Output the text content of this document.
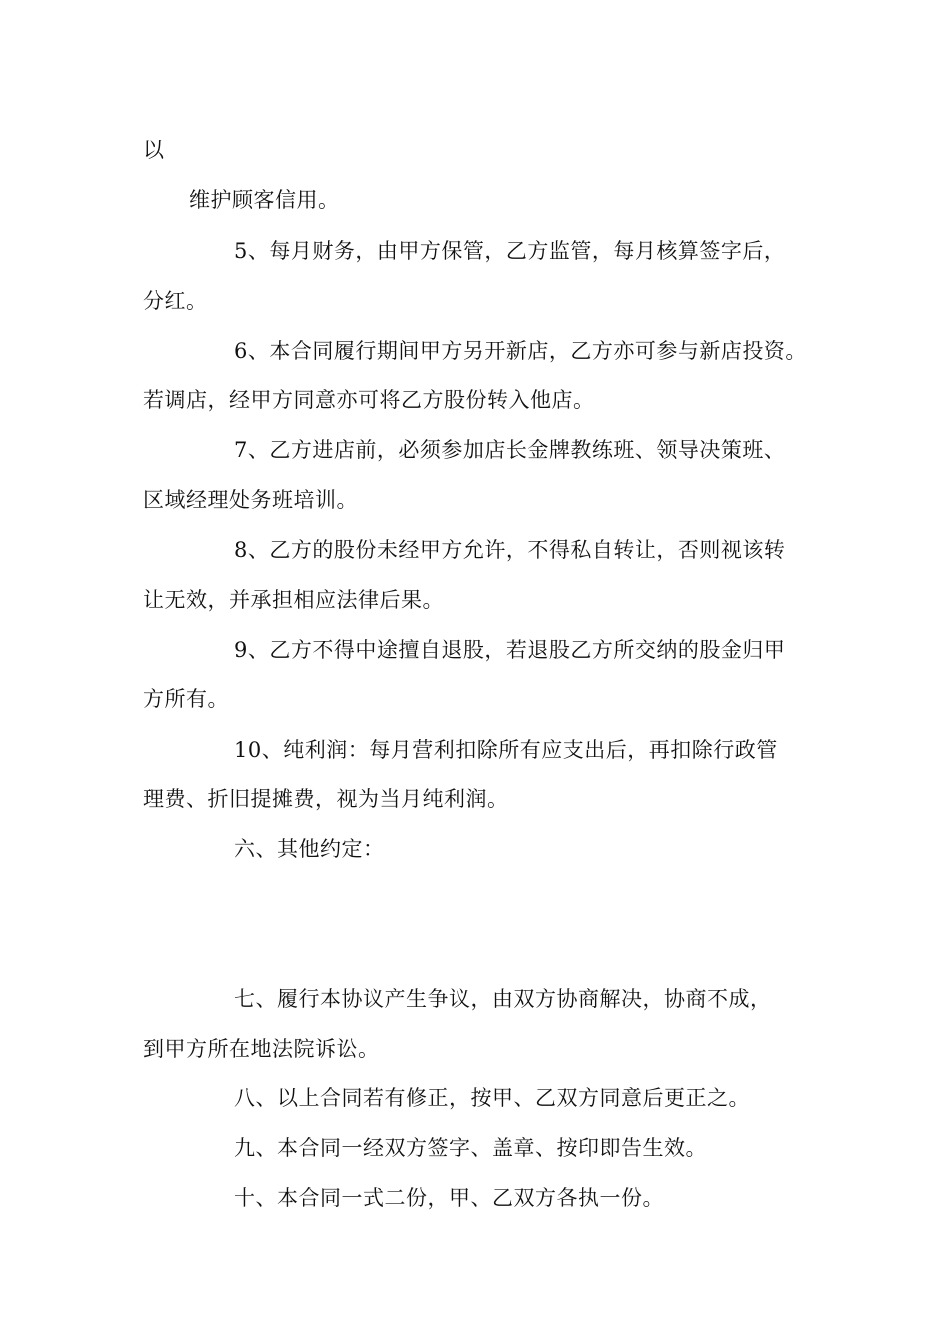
以
维护顾客信用。
5、每月财务，由甲方保管，乙方监管，每月核算签字后，
分红。
6、本合同履行期间甲方另开新店，乙方亦可参与新店投资。
若调店，经甲方同意亦可将乙方股份转入他店。
7、乙方进店前，必须参加店长金牌教练班、领导决策班、
区域经理处务班培训。
8、乙方的股份未经甲方允许，不得私自转让，否则视该转
让无效，并承担相应法律后果。
9、乙方不得中途擅自退股，若退股乙方所交纳的股金归甲
方所有。
10、纯利润：每月营利扣除所有应支出后，再扣除行政管
理费、折旧提摊费，视为当月纯利润。
六、其他约定：
七、履行本协议产生争议，由双方协商解决，协商不成，
到甲方所在地法院诉讼。
八、以上合同若有修正，按甲、乙双方同意后更正之。
九、本合同一经双方签字、盖章、按印即告生效。
十、本合同一式二份，甲、乙双方各执一份。
